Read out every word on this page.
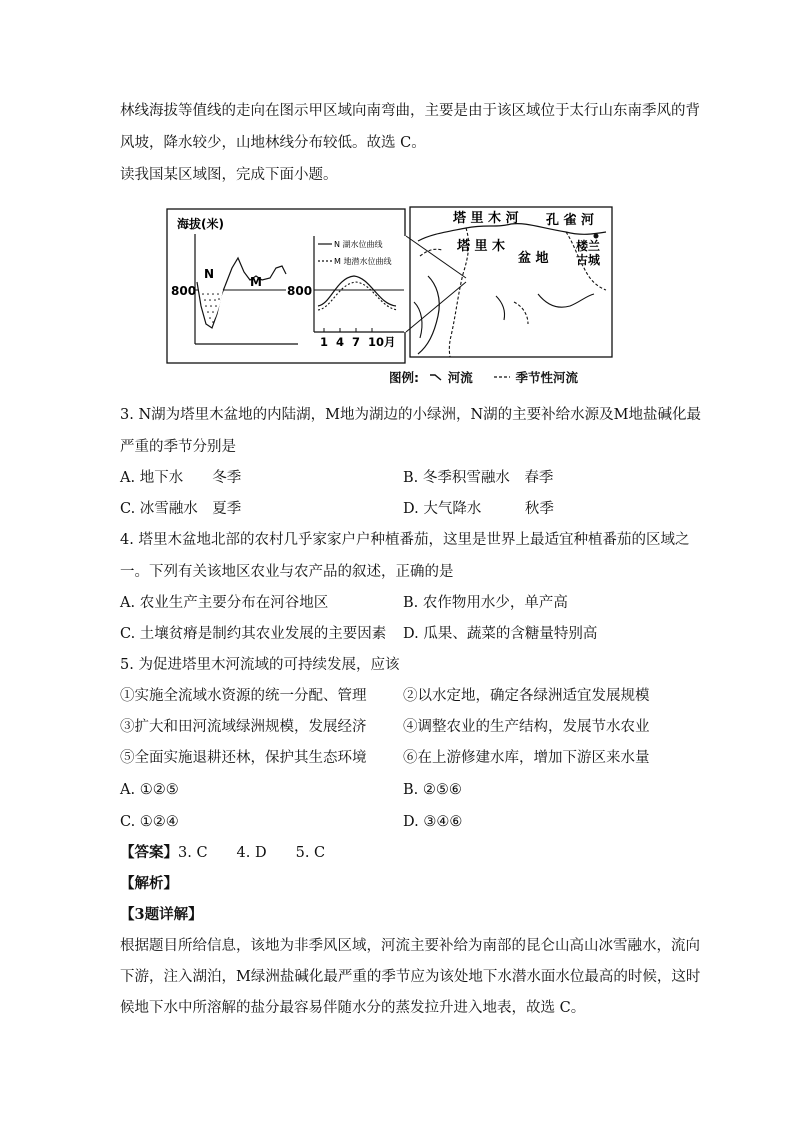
林线海拔等值线的走向在图示甲区域向南弯曲，主要是由于该区域位于太行山东南季风的背
风坡，降水较少，山地林线分布较低。故选 C。
读我国某区域图，完成下面小题。
海拔(米)
800
N
M
800
N 湖水位曲线
M 地潜水位曲线
1  4  7  10月
塔 里 木 河 孔 雀 河
塔 里 木
盆 地
楼兰
古城
图例: 河流	季节性河流
3. N湖为塔里木盆地的内陆湖，M地为湖边的小绿洲，N湖的主要补给水源及M地盐碱化最
严重的季节分别是
A. 地下水　　冬季	B. 冬季积雪融水　春季
C. 冰雪融水　夏季	D. 大气降水　　　秋季
4. 塔里木盆地北部的农村几乎家家户户种植番茄，这里是世界上最适宜种植番茄的区域之
一。下列有关该地区农业与农产品的叙述，正确的是
A. 农业生产主要分布在河谷地区	B. 农作物用水少，单产高
C. 土壤贫瘠是制约其农业发展的主要因素 D. 瓜果、蔬菜的含糖量特别高
5. 为促进塔里木河流域的可持续发展，应该
①实施全流域水资源的统一分配、管理	②以水定地，确定各绿洲适宜发展规模
③扩大和田河流域绿洲规模，发展经济	④调整农业的生产结构，发展节水农业
⑤全面实施退耕还林，保护其生态环境	⑥在上游修建水库，增加下游区来水量
A. ①②⑤	B. ②⑤⑥
C. ①②④	D. ③④⑥
【答案】3. C　　4. D　　5. C
【解析】
【3题详解】
根据题目所给信息，该地为非季风区域，河流主要补给为南部的昆仑山高山冰雪融水，流向
下游，注入湖泊，M绿洲盐碱化最严重的季节应为该处地下水潜水面水位最高的时候，这时
候地下水中所溶解的盐分最容易伴随水分的蒸发拉升进入地表，故选 C。
